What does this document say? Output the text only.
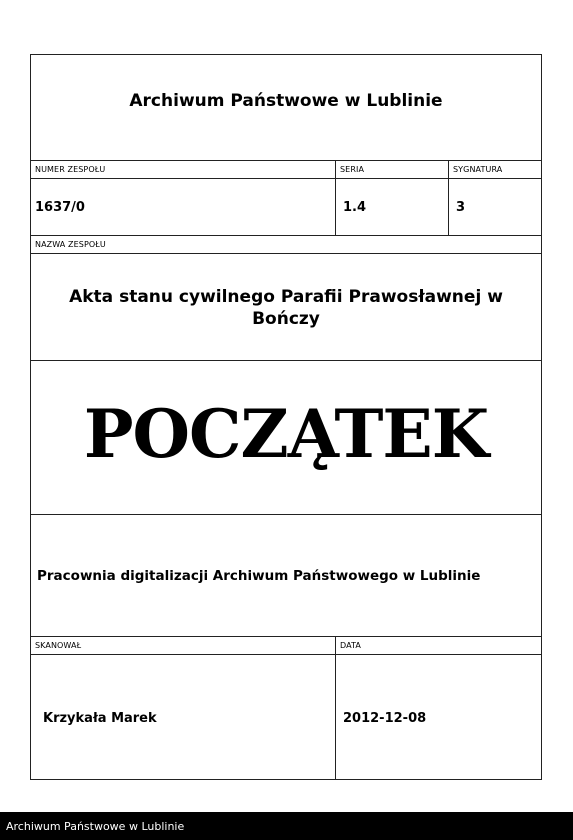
Archiwum Państwowe w Lublinie
NUMER ZESPOŁU	SERIA	SYGNATURA
1637/0	1.4	3
NAZWA ZESPOŁU
Akta stanu cywilnego Parafii Prawosławnej w
Bończy
POCZĄTEK
Pracownia digitalizacji Archiwum Państwowego w Lublinie
SKANOWAŁ	DATA
Krzykała Marek	2012-12-08
Archiwum Państwowe w Lublinie
